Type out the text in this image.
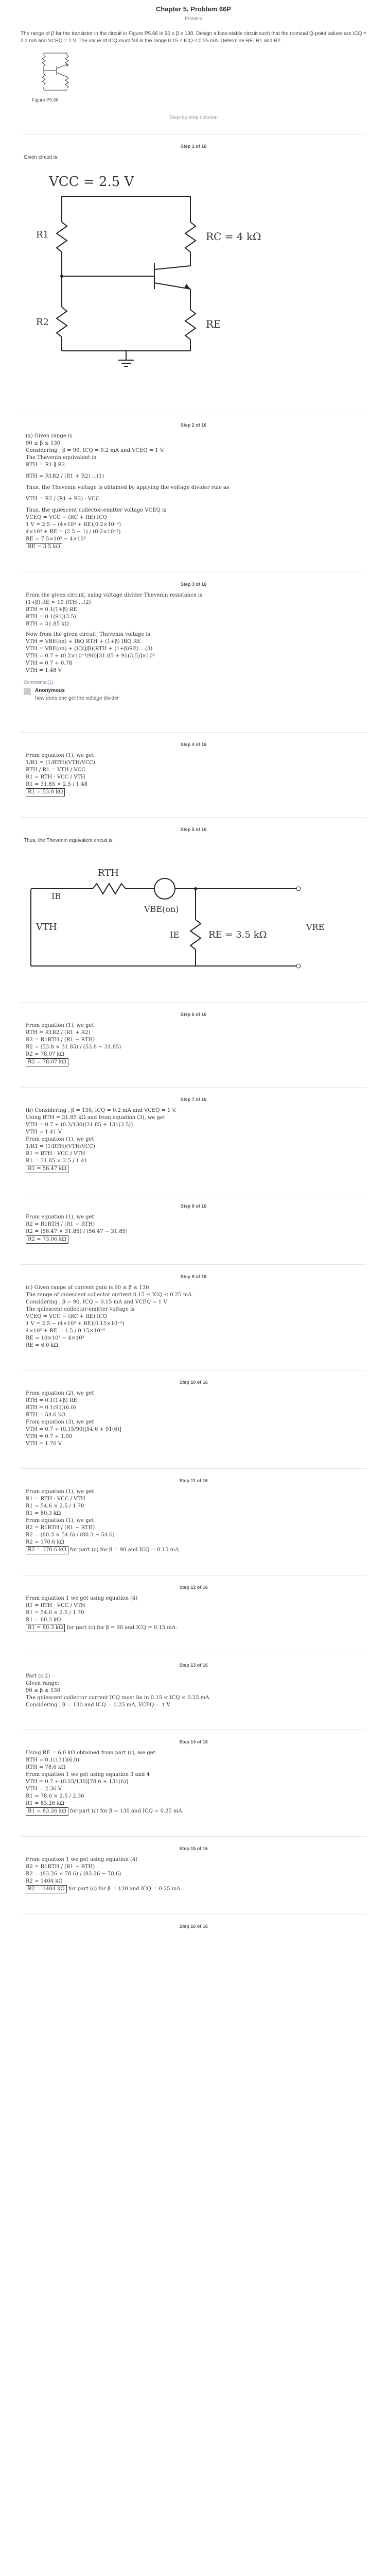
Chapter 5, Problem 66P
Problem
The range of β for the transistor in the circuit in Figure P5.66 is 90 ≤ β ≤ 130. Design a bias-stable circuit such that the nominal Q-point values are ICQ = 0.2 mA and VCEQ = 1 V. The value of ICQ must fall in the range 0.15 ≤ ICQ ≤ 0.25 mA. Determine RE, R1 and R2.
Figure P5.66
Step-by-step solution
Step 1 of 16
Given circuit is:
VCC = 2.5 V
R1
R2
RC = 4 kΩ
RE
Step 2 of 16
(a) Given range is
90 ≤ β ≤ 130
Considering , β = 90, ICQ = 0.2 mA and VCEQ = 1 V.
The Thevenin equivalent is
RTH = R1 ∥ R2
RTH = R1R2 / (R1 + R2) ...(1)
Thus, the Thevenin voltage is obtained by applying the voltage divider rule as
VTH = R2 / (R1 + R2) · VCC
Thus, the quiescent collector-emitter voltage VCEQ is
VCEQ = VCC − (RC + RE) ICQ
1 V = 2.5 − (4×10³ + RE)(0.2×10⁻³)
4×10³ + RE = (2.5 − 1) / (0.2×10⁻³)
RE = 7.5×10³ − 4×10³
RE = 3.5 kΩ
Step 3 of 16
From the given circuit, using voltage divider Thevenin resistance is
(1+β) RE ≈ 10 RTH ...(2)
RTH = 0.1(1+β) RE
RTH = 0.1(91)(3.5)
RTH = 31.85 kΩ
Now from the given circuit, Thevenin voltage is
VTH = VBE(on) + IBQ RTH + (1+β) IBQ RE
VTH = VBE(on) + (ICQ/β)(RTH + (1+β)RE) ...(3)
VTH = 0.7 + (0.2×10⁻³/90)[31.85 + 91(3.5)]×10³
VTH = 0.7 + 0.78
VTH = 1.48 V
Comments (1)
Anonymous
how does one get the voltage divider
Step 4 of 16
From equation (1), we get
1/R1 = (1/RTH)(VTH/VCC)
RTH / R1 = VTH / VCC
R1 = RTH · VCC / VTH
R1 = 31.85 × 2.5 / 1.48
R1 = 53.8 kΩ
Step 5 of 16
Thus, the Thevenin equivalent circuit is
RTH
IB
VBE(on)
VTH
IE	RE = 3.5 kΩ
VRE
Step 6 of 16
From equation (1), we get
RTH = R1R2 / (R1 + R2)
R2 = R1RTH / (R1 − RTH)
R2 = (53.8 × 31.85) / (53.8 − 31.85)
R2 = 78.07 kΩ
R2 = 78.07 kΩ
Step 7 of 16
(b) Considering , β = 130, ICQ = 0.2 mA and VCEQ = 1 V.
Using RTH = 31.85 kΩ and from equation (3), we get
VTH = 0.7 + (0.2/130)[31.85 + 131(3.5)]
VTH = 1.41 V
From equation (1), we get
1/R1 = (1/RTH)(VTH/VCC)
R1 = RTH · VCC / VTH
R1 = 31.85 × 2.5 / 1.41
R1 = 56.47 kΩ
Step 8 of 16
From equation (1), we get
R2 = R1RTH / (R1 − RTH)
R2 = (56.47 × 31.85) / (56.47 − 31.85)
R2 = 73.06 kΩ
Step 9 of 16
(c) Given range of current gain is 90 ≤ β ≤ 130.
The range of quiescent collector current 0.15 ≤ ICQ ≤ 0.25 mA.
Considering , β = 90, ICQ = 0.15 mA and VCEQ = 1 V.
The quiescent collector-emitter voltage is
VCEQ = VCC − (RC + RE) ICQ
1 V = 2.5 − (4×10³ + RE)(0.15×10⁻³)
4×10³ + RE = 1.5 / 0.15×10⁻³
RE = 10×10³ − 4×10³
RE = 6.0 kΩ
Step 10 of 16
From equation (2), we get
RTH = 0.1(1+β) RE
RTH = 0.1(91)(6.0)
RTH = 54.6 kΩ
From equation (3), we get
VTH = 0.7 + (0.15/90)[54.6 + 91(6)]
VTH = 0.7 + 1.00
VTH = 1.70 V
Step 11 of 16
From equation (1), we get
R1 = RTH · VCC / VTH
R1 = 54.6 × 2.5 / 1.70
R1 = 80.3 kΩ
From equation (1), we get
R2 = R1RTH / (R1 − RTH)
R2 = (80.3 × 54.6) / (80.3 − 54.6)
R2 = 170.6 kΩ
R2 = 170.6 kΩ for part (c) for β = 90 and ICQ = 0.15 mA.
Step 12 of 16
From equation 1 we get using equation (4)
R1 = RTH · VCC / VTH
R1 = 54.6 × 2.5 / 1.70
R1 = 80.3 kΩ
R1 = 80.3 kΩ for part (c) for β = 90 and ICQ = 0.15 mA.
Step 13 of 16
Part (c.2)
Given range:
90 ≤ β ≤ 130
The quiescent collector current ICQ must lie in 0.15 ≤ ICQ ≤ 0.25 mA.
Considering , β = 130 and ICQ = 0.25 mA, VCEQ = 1 V.
Step 14 of 16
Using RE = 6.0 kΩ obtained from part (c), we get
RTH = 0.1(131)(6.0)
RTH = 78.6 kΩ
From equation 1 we get using equation 3 and 4
VTH = 0.7 + (0.25/130)[78.6 + 131(6)]
VTH = 2.36 V
R1 = 78.6 × 2.5 / 2.36
R1 = 83.26 kΩ
R1 = 83.26 kΩ for part (c) for β = 130 and ICQ = 0.25 mA.
Step 15 of 16
From equation 1 we get using equation (4)
R2 = R1RTH / (R1 − RTH)
R2 = (83.26 × 78.6) / (83.26 − 78.6)
R2 = 1404 kΩ
R2 = 1404 kΩ for part (c) for β = 130 and ICQ = 0.25 mA.
Step 16 of 16
